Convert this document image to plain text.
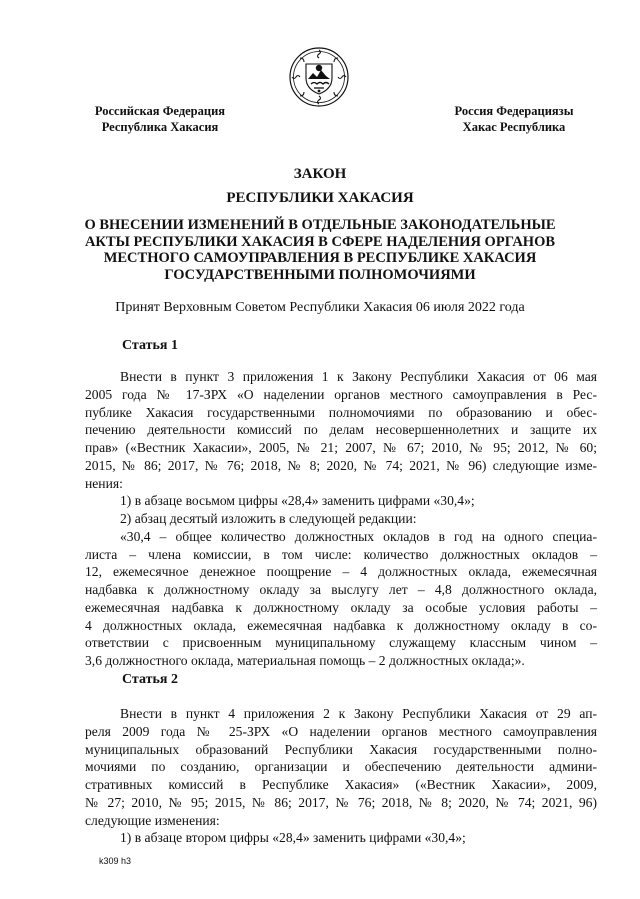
Российская Федерация
Республика Хакасия
Россия Федерациязы
Хакас Республика
ЗАКОН
РЕСПУБЛИКИ ХАКАСИЯ
О ВНЕСЕНИИ ИЗМЕНЕНИЙ В ОТДЕЛЬНЫЕ ЗАКОНОДАТЕЛЬНЫЕ
АКТЫ РЕСПУБЛИКИ ХАКАСИЯ В СФЕРЕ НАДЕЛЕНИЯ ОРГАНОВ
МЕСТНОГО САМОУПРАВЛЕНИЯ В РЕСПУБЛИКЕ ХАКАСИЯ
ГОСУДАРСТВЕННЫМИ ПОЛНОМОЧИЯМИ
Принят Верховным Советом Республики Хакасия 06 июля 2022 года
Статья 1
Внести в пункт 3 приложения 1 к Закону Республики Хакасия от 06 мая
2005 года № 17-ЗРХ «О наделении органов местного самоуправления в Рес-
публике Хакасия государственными полномочиями по образованию и обес-
печению деятельности комиссий по делам несовершеннолетних и защите их
прав» («Вестник Хакасии», 2005, № 21; 2007, № 67; 2010, № 95; 2012, № 60;
2015, № 86; 2017, № 76; 2018, № 8; 2020, № 74; 2021, № 96) следующие изме-
нения:
1) в абзаце восьмом цифры «28,4» заменить цифрами «30,4»;
2) абзац десятый изложить в следующей редакции:
«30,4 – общее количество должностных окладов в год на одного специа-
листа – члена комиссии, в том числе: количество должностных окладов –
12, ежемесячное денежное поощрение – 4 должностных оклада, ежемесячная
надбавка к должностному окладу за выслугу лет – 4,8 должностного оклада,
ежемесячная надбавка к должностному окладу за особые условия работы –
4 должностных оклада, ежемесячная надбавка к должностному окладу в со-
ответствии с присвоенным муниципальному служащему классным чином –
3,6 должностного оклада, материальная помощь – 2 должностных оклада;».
Статья 2
Внести в пункт 4 приложения 2 к Закону Республики Хакасия от 29 ап-
реля 2009 года № 25-ЗРХ «О наделении органов местного самоуправления
муниципальных образований Республики Хакасия государственными полно-
мочиями по созданию, организации и обеспечению деятельности админи-
стративных комиссий в Республике Хакасия» («Вестник Хакасии», 2009,
№ 27; 2010, № 95; 2015, № 86; 2017, № 76; 2018, № 8; 2020, № 74; 2021, 96)
следующие изменения:
1) в абзаце втором цифры «28,4» заменить цифрами «30,4»;
k309 h3
